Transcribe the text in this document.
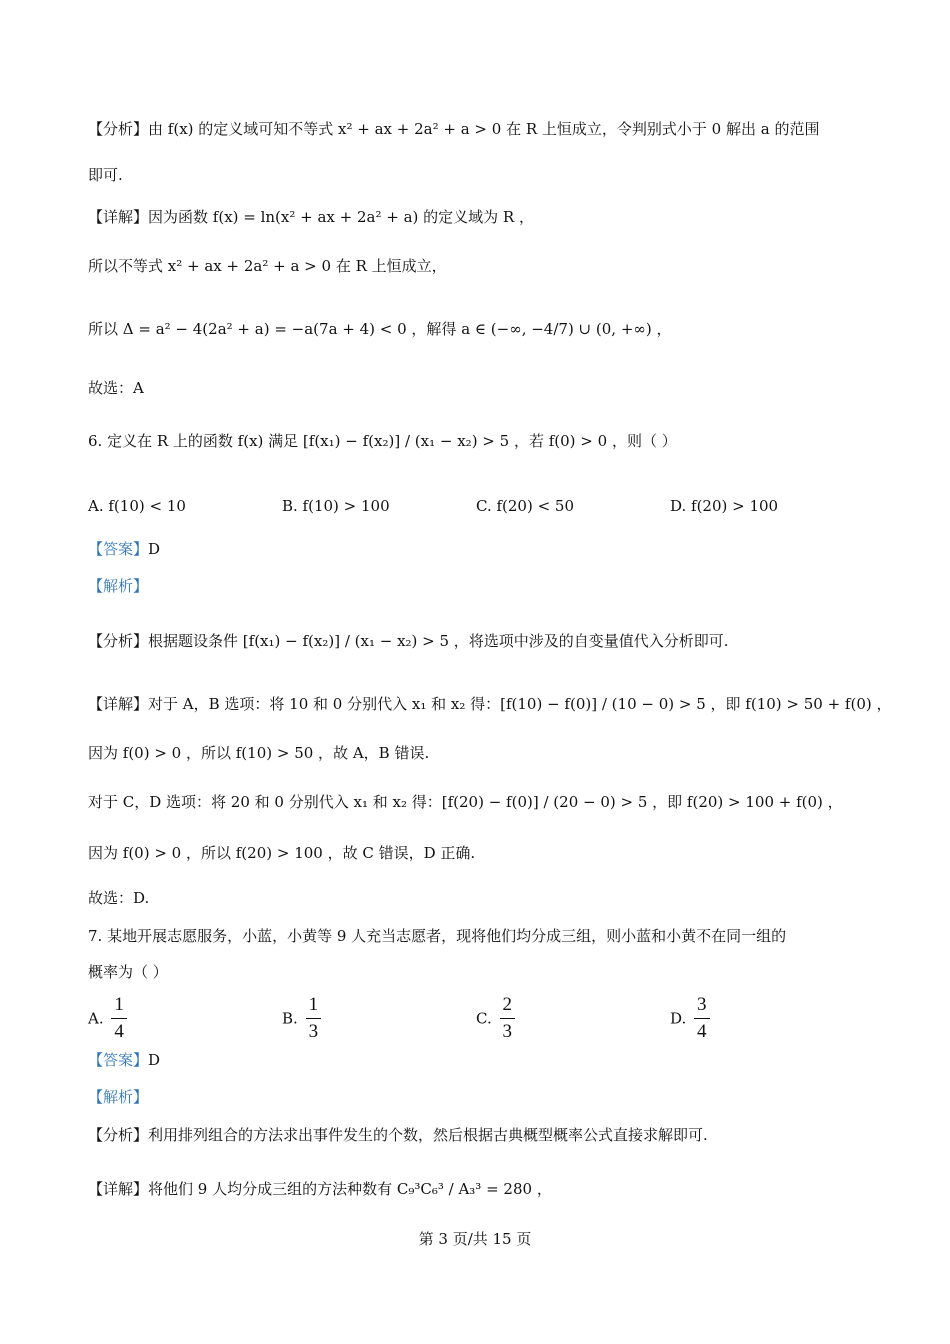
【分析】由 f(x) 的定义域可知不等式 x² + ax + 2a² + a > 0 在 R 上恒成立，令判别式小于 0 解出 a 的范围
即可.
【详解】因为函数 f(x) = ln(x² + ax + 2a² + a) 的定义域为 R ，
所以不等式 x² + ax + 2a² + a > 0 在 R 上恒成立，
所以 Δ = a² − 4(2a² + a) = −a(7a + 4) < 0 ，解得 a ∈ (−∞, −4/7) ∪ (0, +∞) ，
故选：A
6. 定义在 R 上的函数 f(x) 满足 [f(x₁) − f(x₂)] / (x₁ − x₂) > 5 ，若 f(0) > 0 ，则（ ）
A. f(10) < 10	B. f(10) > 100	C. f(20) < 50	D. f(20) > 100
【答案】D
【解析】
【分析】根据题设条件 [f(x₁) − f(x₂)] / (x₁ − x₂) > 5 ，将选项中涉及的自变量值代入分析即可.
【详解】对于 A，B 选项：将 10 和 0 分别代入 x₁ 和 x₂ 得：[f(10) − f(0)] / (10 − 0) > 5 ，即 f(10) > 50 + f(0) ，
因为 f(0) > 0 ，所以 f(10) > 50 ，故 A，B 错误.
对于 C，D 选项：将 20 和 0 分别代入 x₁ 和 x₂ 得：[f(20) − f(0)] / (20 − 0) > 5 ，即 f(20) > 100 + f(0) ，
因为 f(0) > 0 ，所以 f(20) > 100 ，故 C 错误，D 正确.
故选：D.
7. 某地开展志愿服务，小蓝，小黄等 9 人充当志愿者，现将他们均分成三组，则小蓝和小黄不在同一组的
概率为（ ）
A. $\frac{1}{4}$	B. $\frac{1}{3}$	C. $\frac{2}{3}$	D. $\frac{3}{4}$
【答案】D
【解析】
【分析】利用排列组合的方法求出事件发生的个数，然后根据古典概型概率公式直接求解即可.
【详解】将他们 9 人均分成三组的方法种数有 C₉³C₆³ / A₃³ = 280 ，
第 3 页/共 15 页
